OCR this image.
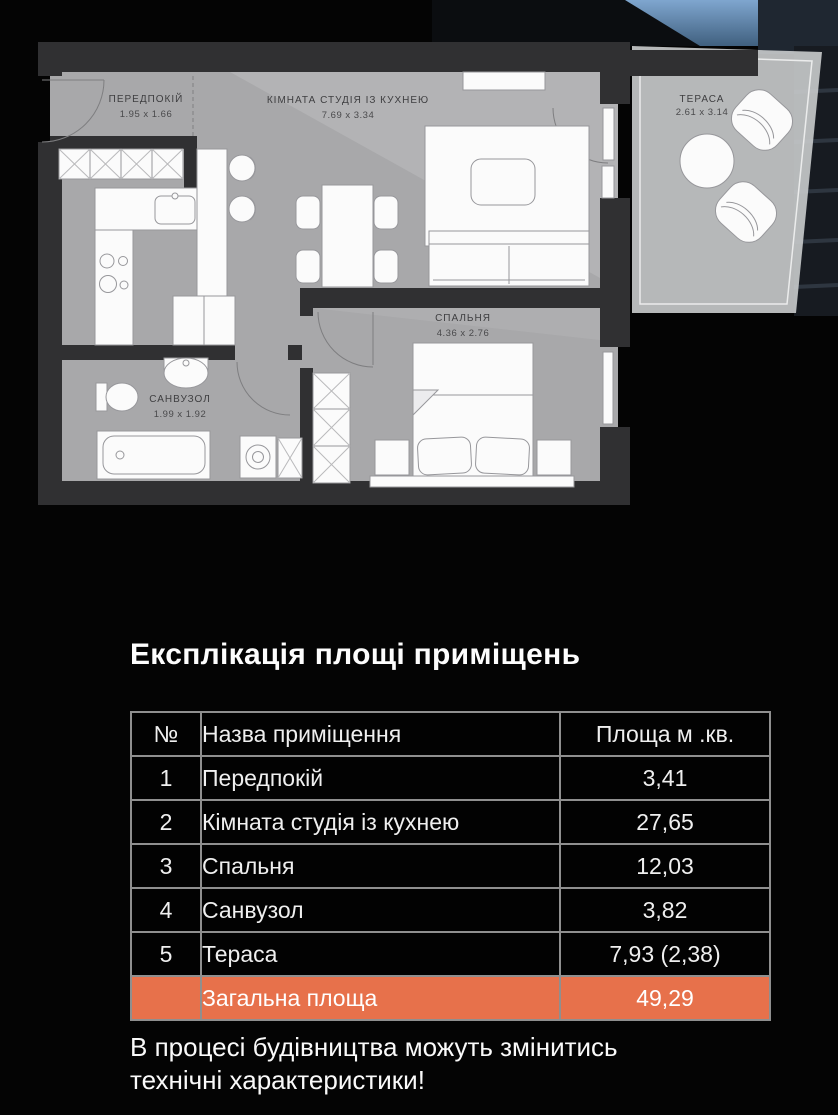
ПЕРЕДПОКІЙ
1.95 x 1.66
КІМНАТА СТУДІЯ ІЗ КУХНЕЮ
7.69 x 3.34
ТЕРАСА
2.61 x 3.14
СПАЛЬНЯ
4.36 x 2.76
САНВУЗОЛ
1.99 x 1.92
Експлікація площі приміщень
№	Назва приміщення	Площа м .кв.
1	Передпокій	3,41
2	Кімната студія із кухнею	27,65
3	Спальня	12,03
4	Санвузол	3,82
5	Тераса	7,93 (2,38)
	Загальна площа	49,29
В процесі будівництва можуть змінитись
технічні характеристики!
